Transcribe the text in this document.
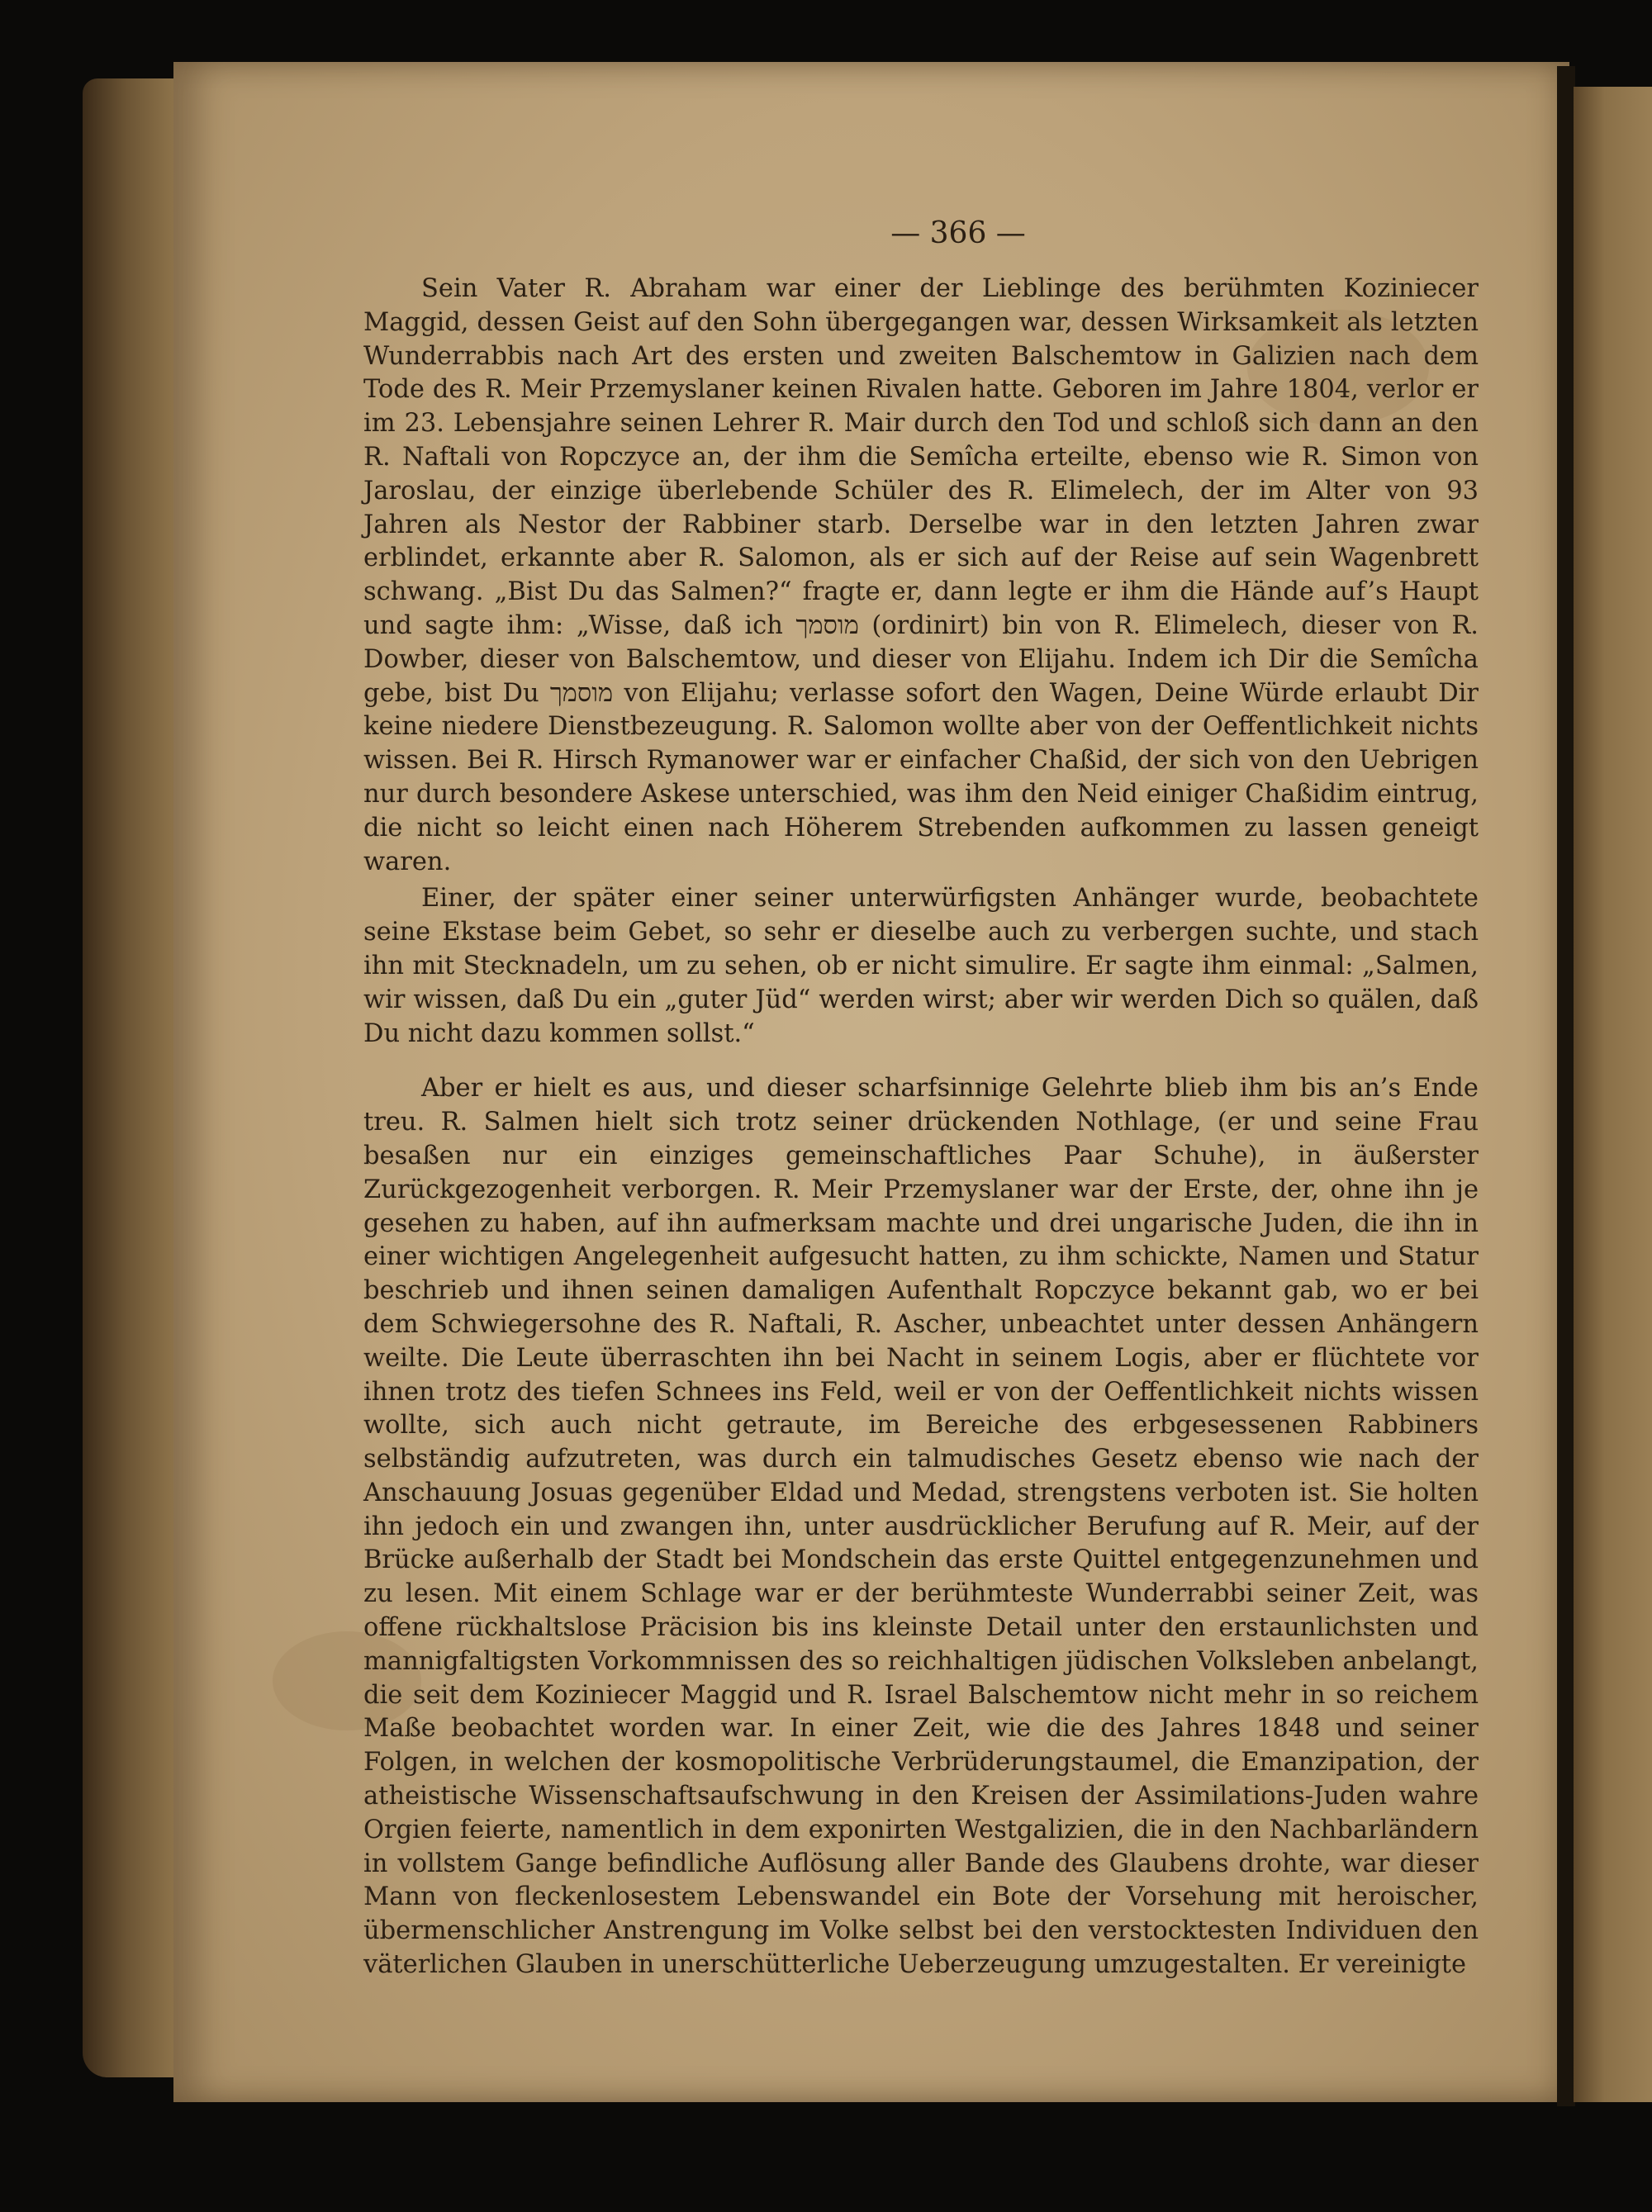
— 366 —

Sein Vater R. Abraham war einer der Lieblinge des berühmten Koziniecer Maggid, dessen Geist auf den Sohn übergegangen war, dessen Wirksamkeit als letzten Wunderrabbis nach Art des ersten und zweiten Balschemtow in Galizien nach dem Tode des R. Meir Przemyslaner keinen Rivalen hatte. Geboren im Jahre 1804, verlor er im 23. Lebensjahre seinen Lehrer R. Mair durch den Tod und schloß sich dann an den R. Naftali von Ropczyce an, der ihm die Semîcha erteilte, ebenso wie R. Simon von Jaroslau, der einzige überlebende Schüler des R. Elimelech, der im Alter von 93 Jahren als Nestor der Rabbiner starb. Derselbe war in den letzten Jahren zwar erblindet, erkannte aber R. Salomon, als er sich auf der Reise auf sein Wagenbrett schwang. „Bist Du das Salmen?“ fragte er, dann legte er ihm die Hände auf’s Haupt und sagte ihm: „Wisse, daß ich מוסמך (ordinirt) bin von R. Elimelech, dieser von R. Dowber, dieser von Balschemtow, und dieser von Elijahu. Indem ich Dir die Semîcha gebe, bist Du מוסמך von Elijahu; verlasse sofort den Wagen, Deine Würde erlaubt Dir keine niedere Dienstbezeugung. R. Salomon wollte aber von der Oeffentlichkeit nichts wissen. Bei R. Hirsch Rymanower war er einfacher Chaßid, der sich von den Uebrigen nur durch besondere Askese unterschied, was ihm den Neid einiger Chaßidim eintrug, die nicht so leicht einen nach Höherem Strebenden aufkommen zu lassen geneigt waren.

Einer, der später einer seiner unterwürfigsten Anhänger wurde, beobachtete seine Ekstase beim Gebet, so sehr er dieselbe auch zu verbergen suchte, und stach ihn mit Stecknadeln, um zu sehen, ob er nicht simulire. Er sagte ihm einmal: „Salmen, wir wissen, daß Du ein „guter Jüd“ werden wirst; aber wir werden Dich so quälen, daß Du nicht dazu kommen sollst.“

Aber er hielt es aus, und dieser scharfsinnige Gelehrte blieb ihm bis an’s Ende treu. R. Salmen hielt sich trotz seiner drückenden Nothlage, (er und seine Frau besaßen nur ein einziges gemeinschaftliches Paar Schuhe), in äußerster Zurückgezogenheit verborgen. R. Meir Przemyslaner war der Erste, der, ohne ihn je gesehen zu haben, auf ihn aufmerksam machte und drei ungarische Juden, die ihn in einer wichtigen Angelegenheit aufgesucht hatten, zu ihm schickte, Namen und Statur beschrieb und ihnen seinen damaligen Aufenthalt Ropczyce bekannt gab, wo er bei dem Schwiegersohne des R. Naftali, R. Ascher, unbeachtet unter dessen Anhängern weilte. Die Leute überraschten ihn bei Nacht in seinem Logis, aber er flüchtete vor ihnen trotz des tiefen Schnees ins Feld, weil er von der Oeffentlichkeit nichts wissen wollte, sich auch nicht getraute, im Bereiche des erbgesessenen Rabbiners selbständig aufzutreten, was durch ein talmudisches Gesetz ebenso wie nach der Anschauung Josuas gegenüber Eldad und Medad, strengstens verboten ist. Sie holten ihn jedoch ein und zwangen ihn, unter ausdrücklicher Berufung auf R. Meir, auf der Brücke außerhalb der Stadt bei Mondschein das erste Quittel entgegenzunehmen und zu lesen. Mit einem Schlage war er der berühmteste Wunderrabbi seiner Zeit, was offene rückhaltslose Präcision bis ins kleinste Detail unter den erstaunlichsten und mannigfaltigsten Vorkommnissen des so reichhaltigen jüdischen Volksleben anbelangt, die seit dem Koziniecer Maggid und R. Israel Balschemtow nicht mehr in so reichem Maße beobachtet worden war. In einer Zeit, wie die des Jahres 1848 und seiner Folgen, in welchen der kosmopolitische Verbrüderungstaumel, die Emanzipation, der atheistische Wissenschaftsaufschwung in den Kreisen der Assimilations-Juden wahre Orgien feierte, namentlich in dem exponirten Westgalizien, die in den Nachbarländern in vollstem Gange befindliche Auflösung aller Bande des Glaubens drohte, war dieser Mann von fleckenlosestem Lebenswandel ein Bote der Vorsehung mit heroischer, übermenschlicher Anstrengung im Volke selbst bei den verstocktesten Individuen den väterlichen Glauben in unerschütterliche Ueberzeugung umzugestalten. Er vereinigte
